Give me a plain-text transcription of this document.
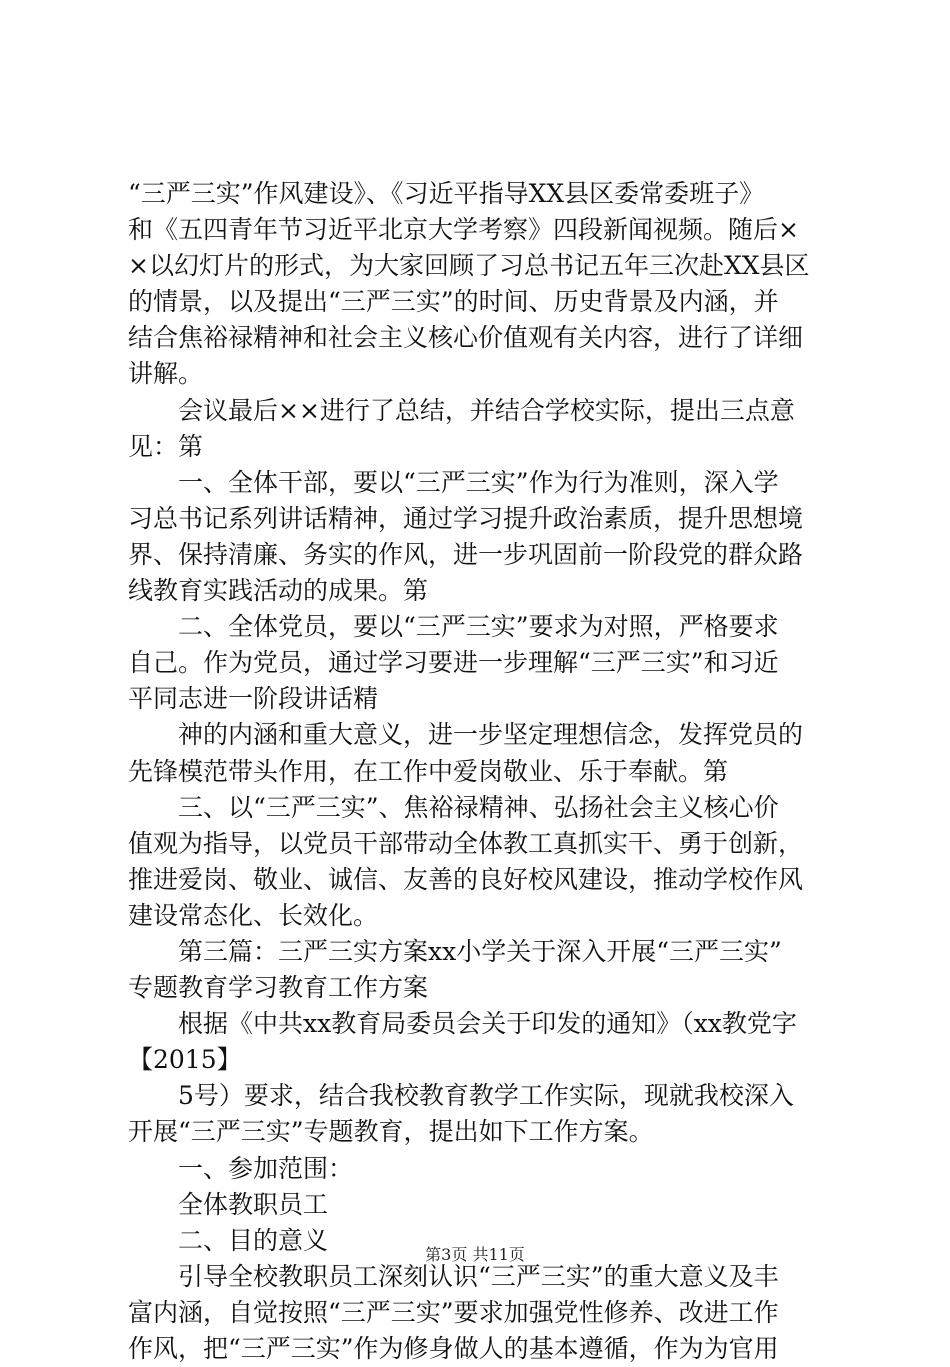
“三严三实”作风建设》、《习近平指导XX县区委常委班子》
和《五四青年节习近平北京大学考察》四段新闻视频。随后×
×以幻灯片的形式，为大家回顾了习总书记五年三次赴XX县区
的情景，以及提出“三严三实”的时间、历史背景及内涵，并
结合焦裕禄精神和社会主义核心价值观有关内容，进行了详细
讲解。
会议最后××进行了总结，并结合学校实际，提出三点意
见：第
一、全体干部，要以“三严三实”作为行为准则，深入学
习总书记系列讲话精神，通过学习提升政治素质，提升思想境
界、保持清廉、务实的作风，进一步巩固前一阶段党的群众路
线教育实践活动的成果。第
二、全体党员，要以“三严三实”要求为对照，严格要求
自己。作为党员，通过学习要进一步理解“三严三实”和习近
平同志进一阶段讲话精
神的内涵和重大意义，进一步坚定理想信念，发挥党员的
先锋模范带头作用，在工作中爱岗敬业、乐于奉献。第
三、以“三严三实”、焦裕禄精神、弘扬社会主义核心价
值观为指导，以党员干部带动全体教工真抓实干、勇于创新，
推进爱岗、敬业、诚信、友善的良好校风建设，推动学校作风
建设常态化、长效化。
第三篇：三严三实方案xx小学关于深入开展“三严三实”
专题教育学习教育工作方案
根据《中共xx教育局委员会关于印发的通知》（xx教党字
【2015】
5号）要求，结合我校教育教学工作实际，现就我校深入
开展“三严三实”专题教育，提出如下工作方案。
一、参加范围：
全体教职员工
二、目的意义
引导全校教职员工深刻认识“三严三实”的重大意义及丰
富内涵，自觉按照“三严三实”要求加强党性修养、改进工作
作风，把“三严三实”作为修身做人的基本遵循，作为为官用
第3页 共11页
